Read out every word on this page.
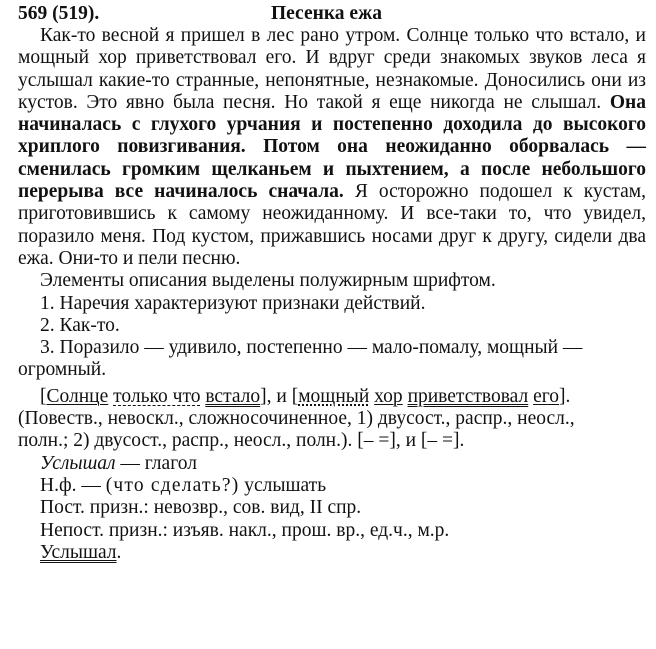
569 (519).	Песенка ежа
Как-то весной я пришел в лес рано утром. Солнце только что встало, и мощный хор приветствовал его. И вдруг среди знакомых звуков леса я услышал какие-то странные, непонятные, незнакомые. Доносились они из кустов. Это явно была песня. Но такой я еще никогда не слышал. Она начиналась с глухого урчания и постепенно доходила до высокого хриплого повизгивания. Потом она неожиданно оборвалась — сменилась громким щелканьем и пыхтением, а после небольшого перерыва все начиналось сначала. Я осторожно подошел к кустам, приготовившись к самому неожиданному. И все-таки то, что увидел, поразило меня. Под кустом, прижавшись носами друг к другу, сидели два ежа. Они-то и пели песню.
Элементы описания выделены полужирным шрифтом.
1. Наречия характеризуют признаки действий.
2. Как-то.
3. Поразило — удивило, постепенно — мало-помалу, мощный —
огромный.
[Солнце только что встало], и [мощный хор приветствовал его].
(Повеств., невоскл., сложносочиненное, 1) двусост., распр., неосл.,
полн.; 2) двусост., распр., неосл., полн.). [– =], и [– =].
Услышал — глагол
Н.ф. — (что сделать?) услышать
Пост. призн.: невозвр., сов. вид, II спр.
Непост. призн.: изъяв. накл., прош. вр., ед.ч., м.р.
Услышал.
